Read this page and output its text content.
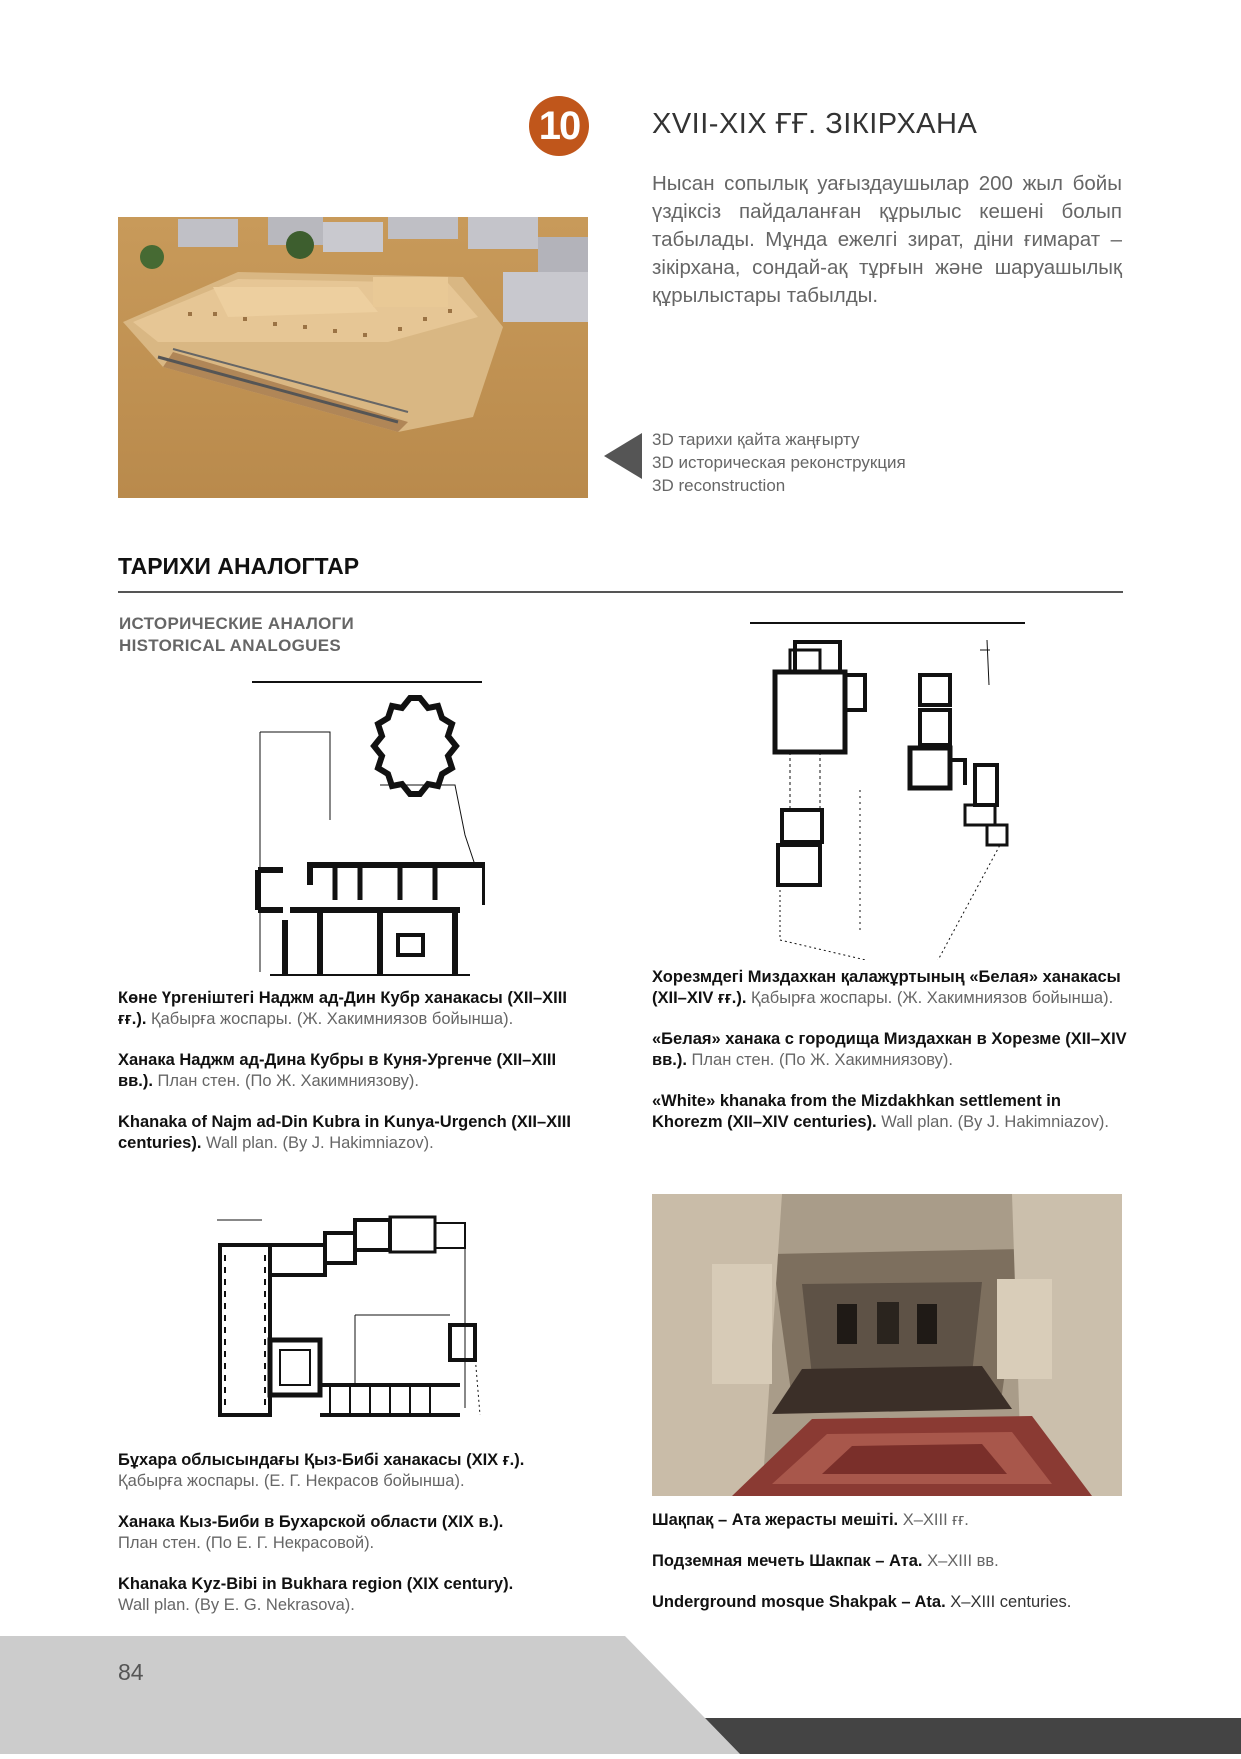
10	XVII-XIX ҒҒ. ЗІКІРХАНА
Нысан сопылық уағыздаушылар 200 жыл бойы үздіксіз пайдаланған құрылыс кешені болып табылады. Мұнда ежелгі зират, діни ғимарат – зікірхана, сондай-ақ тұрғын және шаруашылық құрылыстары табылды.
3D тарихи қайта жаңғырту
3D историческая реконструкция
3D reconstruction
ТАРИХИ АНАЛОГТАР
ИСТОРИЧЕСКИЕ АНАЛОГИ
HISTORICAL ANALOGUES

Көне Үргеніштегі Наджм ад-Дин Кубр ханакасы (XII–XIII ғғ.). Қабырға жоспары. (Ж. Хакимниязов бойынша).

Ханака Наджм ад-Дина Кубры в Куня-Ургенче (XII–XIII вв.). План стен. (По Ж. Хакимниязову).

Khanaka of Najm ad-Din Kubra in Kunya-Urgench (XII–XIII centuries). Wall plan. (By J. Hakimniazov).

Хорезмдегі Миздахкан қалажұртының «Белая» ханакасы (XII–XIV ғғ.). Қабырға жоспары. (Ж. Хакимниязов бойынша).

«Белая» ханака с городища Миздахкан в Хорезме (XII–XIV вв.). План стен. (По Ж. Хакимниязову).

«White» khanaka from the Mizdakhkan settlement in Khorezm (XII–XIV centuries). Wall plan. (By J. Hakimniazov).

Бұхара облысындағы Қыз-Бибі ханакасы (XIX ғ.).
Қабырға жоспары. (Е. Г. Некрасов бойынша).

Ханака Кыз-Биби в Бухарской области (XIX в.).
План стен. (По Е. Г. Некрасовой).

Khanaka Kyz-Bibi in Bukhara region (XIX century).
Wall plan. (By E. G. Nekrasova).

Шақпақ – Ата жерасты мешіті. X–XIII ғғ.

Подземная мечеть Шакпак – Ата. X–XIII вв.

Underground mosque Shakpak – Ata. X–XIII centuries.

84
